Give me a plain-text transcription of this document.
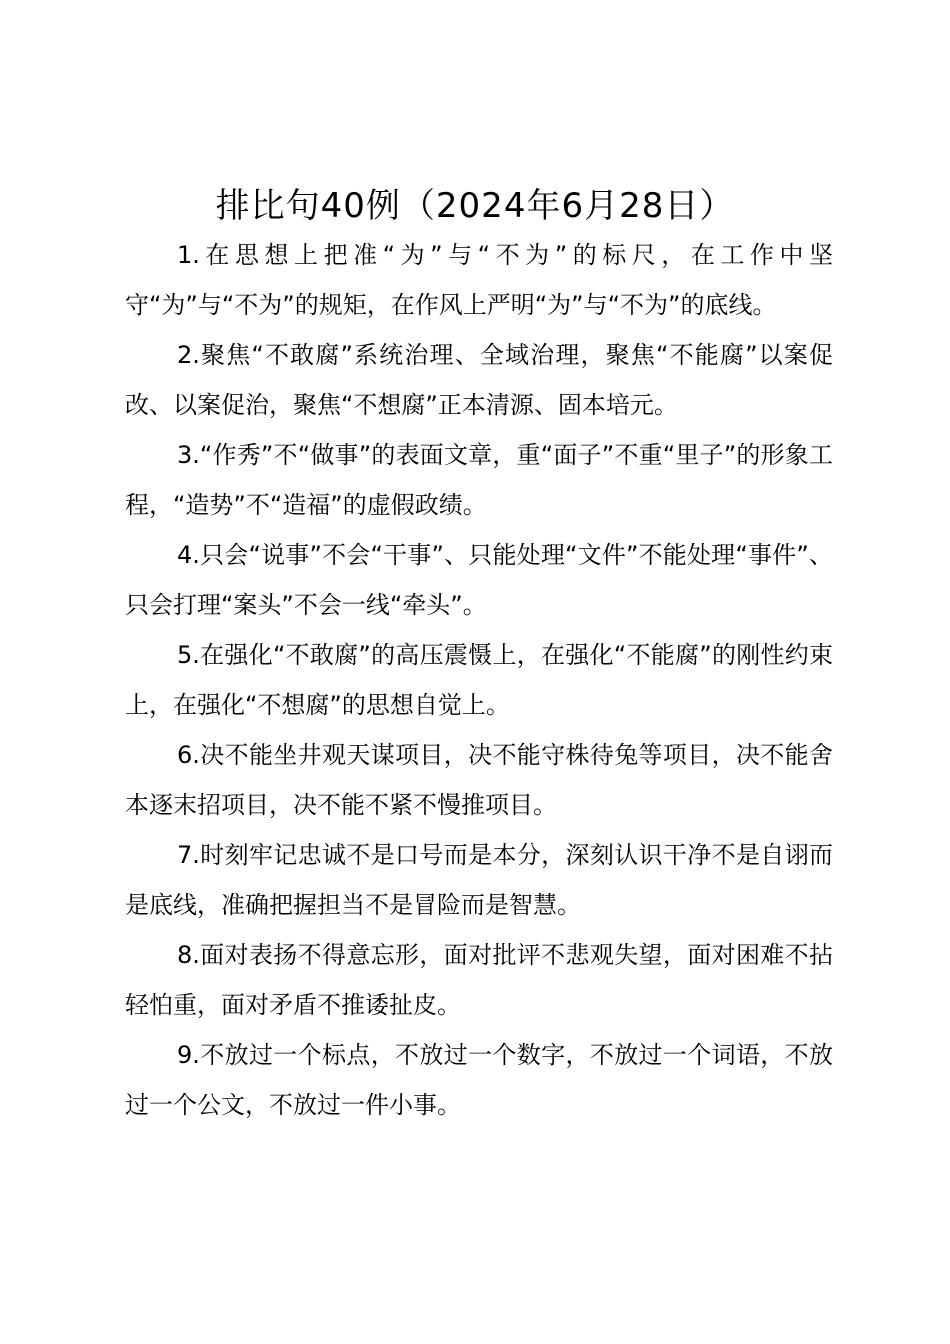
排比句40例（2024年6月28日）

1.在思想上把准“为”与“不为”的标尺，在工作中坚守“为”与“不为”的规矩，在作风上严明“为”与“不为”的底线。

2.聚焦“不敢腐”系统治理、全域治理，聚焦“不能腐”以案促改、以案促治，聚焦“不想腐”正本清源、固本培元。

3.“作秀”不“做事”的表面文章，重“面子”不重“里子”的形象工程，“造势”不“造福”的虚假政绩。

4.只会“说事”不会“干事”、只能处理“文件”不能处理“事件”、只会打理“案头”不会一线“牵头”。

5.在强化“不敢腐”的高压震慑上，在强化“不能腐”的刚性约束上，在强化“不想腐”的思想自觉上。

6.决不能坐井观天谋项目，决不能守株待兔等项目，决不能舍本逐末招项目，决不能不紧不慢推项目。

7.时刻牢记忠诚不是口号而是本分，深刻认识干净不是自诩而是底线，准确把握担当不是冒险而是智慧。

8.面对表扬不得意忘形，面对批评不悲观失望，面对困难不拈轻怕重，面对矛盾不推诿扯皮。

9.不放过一个标点，不放过一个数字，不放过一个词语，不放过一个公文，不放过一件小事。
